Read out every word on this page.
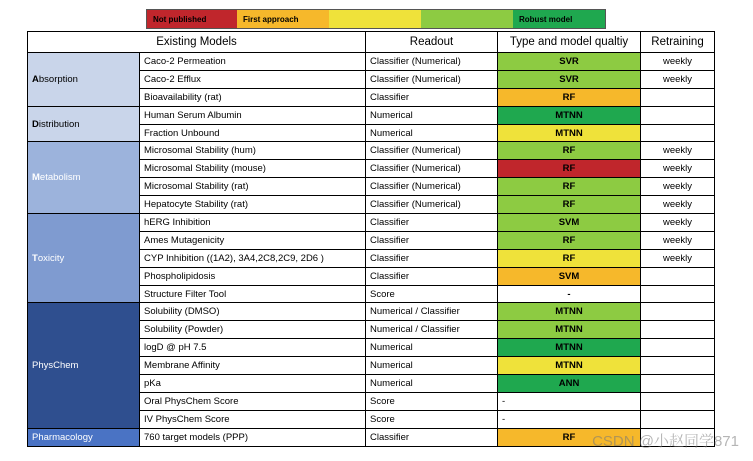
Not published	First approach	Robust model
Existing Models		Readout	Type and model qualtiy	Retraining
Absorption	Caco-2 Permeation	Classifier (Numerical)	SVR	weekly
	Caco-2 Efflux	Classifier (Numerical)	SVR	weekly
	Bioavailability (rat)	Classifier	RF	
Distribution	Human Serum Albumin	Numerical	MTNN	
	Fraction Unbound	Numerical	MTNN	
Metabolism	Microsomal Stability (hum)	Classifier (Numerical)	RF	weekly
	Microsomal Stability (mouse)	Classifier (Numerical)	RF	weekly
	Microsomal Stability (rat)	Classifier (Numerical)	RF	weekly
	Hepatocyte Stability (rat)	Classifier (Numerical)	RF	weekly
Toxicity	hERG Inhibition	Classifier	SVM	weekly
	Ames Mutagenicity	Classifier	RF	weekly
	CYP Inhibition ((1A2), 3A4,2C8,2C9, 2D6 )	Classifier	RF	weekly
	Phospholipidosis	Classifier	SVM	
	Structure Filter Tool	Score	-	
PhysChem	Solubility (DMSO)	Numerical / Classifier	MTNN	
	Solubility (Powder)	Numerical / Classifier	MTNN	
	logD @ pH 7.5	Numerical	MTNN	
	Membrane Affinity	Numerical	MTNN	
	pKa	Numerical	ANN	
	Oral PhysChem Score	Score	-	
	IV PhysChem Score	Score	-	
Pharmacology	760 target models (PPP)	Classifier	RF	CSDN @小赵同学871
